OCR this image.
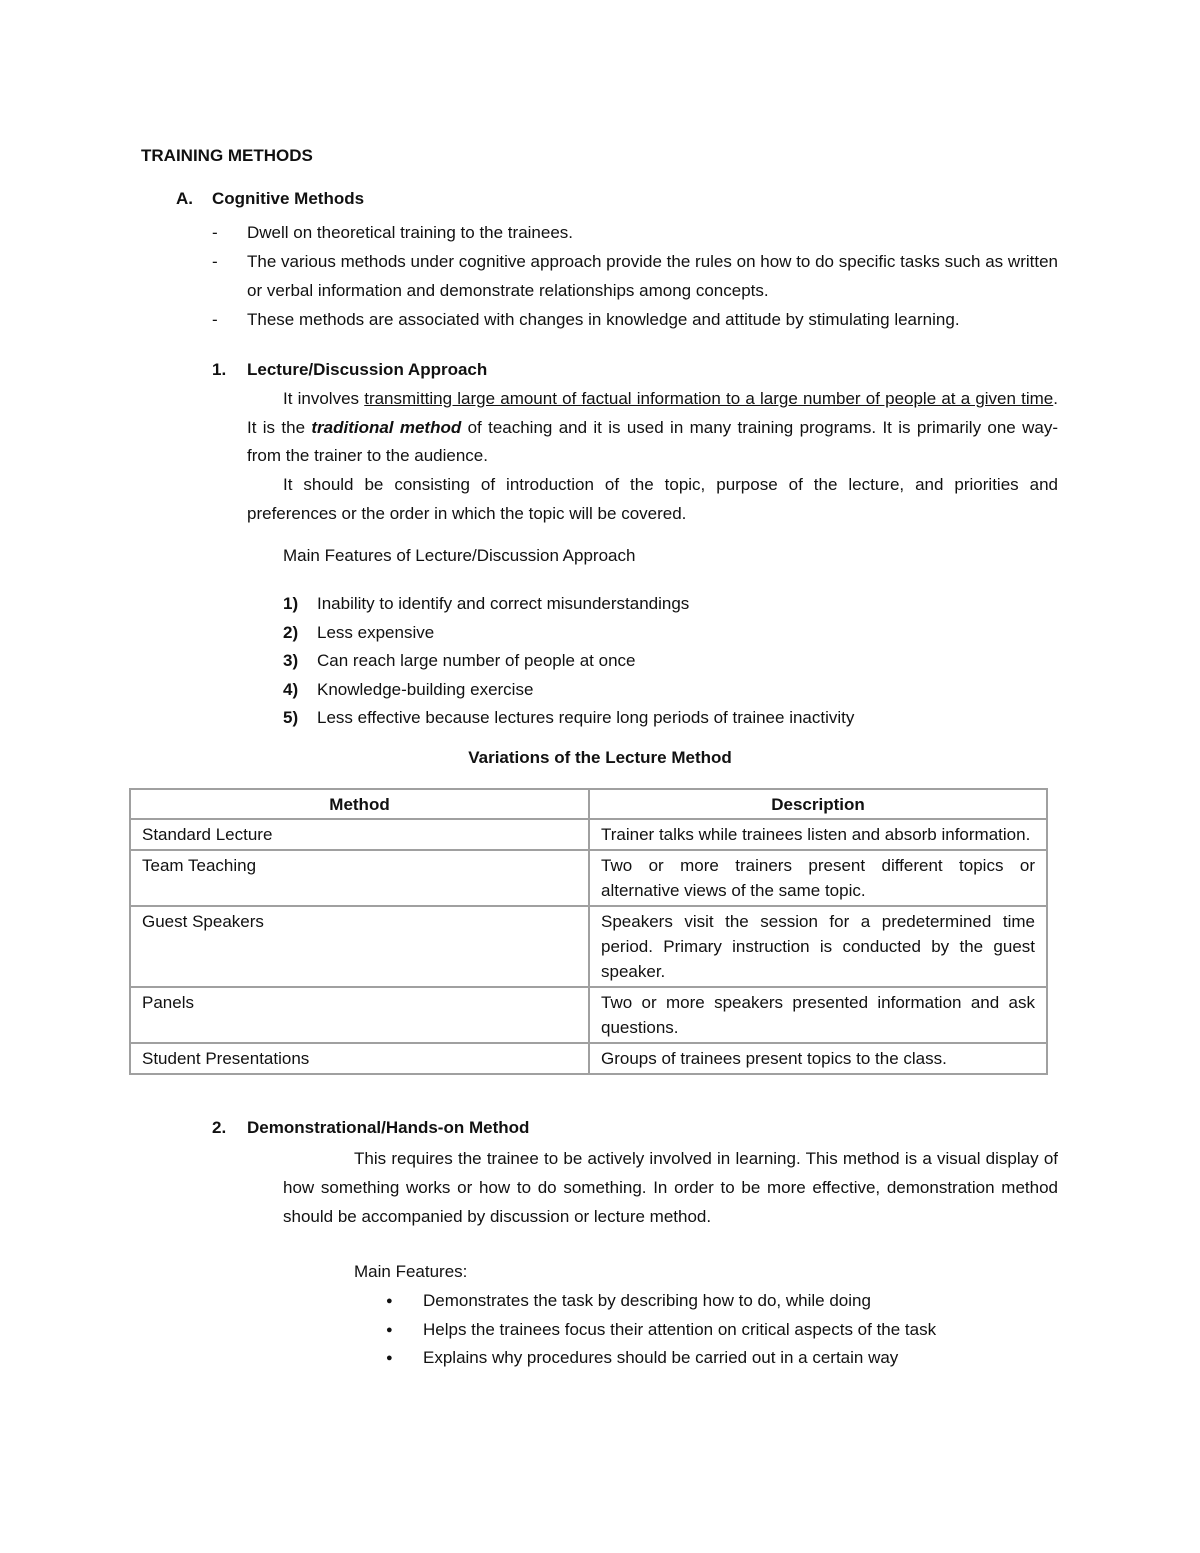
TRAINING METHODS
A. Cognitive Methods
- Dwell on theoretical training to the trainees.
- The various methods under cognitive approach provide the rules on how to do specific tasks such as written or verbal information and demonstrate relationships among concepts.
- These methods are associated with changes in knowledge and attitude by stimulating learning.
1. Lecture/Discussion Approach

It involves transmitting large amount of factual information to a large number of people at a given time. It is the traditional method of teaching and it is used in many training programs. It is primarily one way-from the trainer to the audience.

It should be consisting of introduction of the topic, purpose of the lecture, and priorities and preferences or the order in which the topic will be covered.

Main Features of Lecture/Discussion Approach
1) Inability to identify and correct misunderstandings
2) Less expensive
3) Can reach large number of people at once
4) Knowledge-building exercise
5) Less effective because lectures require long periods of trainee inactivity
Variations of the Lecture Method
Method	Description
Standard Lecture	Trainer talks while trainees listen and absorb information.
Team Teaching	Two or more trainers present different topics or alternative views of the same topic.
Guest Speakers	Speakers visit the session for a predetermined time period. Primary instruction is conducted by the guest speaker.
Panels	Two or more speakers presented information and ask questions.
Student Presentations	Groups of trainees present topics to the class.
2. Demonstrational/Hands-on Method

This requires the trainee to be actively involved in learning. This method is a visual display of how something works or how to do something. In order to be more effective, demonstration method should be accompanied by discussion or lecture method.

Main Features:
● Demonstrates the task by describing how to do, while doing
● Helps the trainees focus their attention on critical aspects of the task
● Explains why procedures should be carried out in a certain way
